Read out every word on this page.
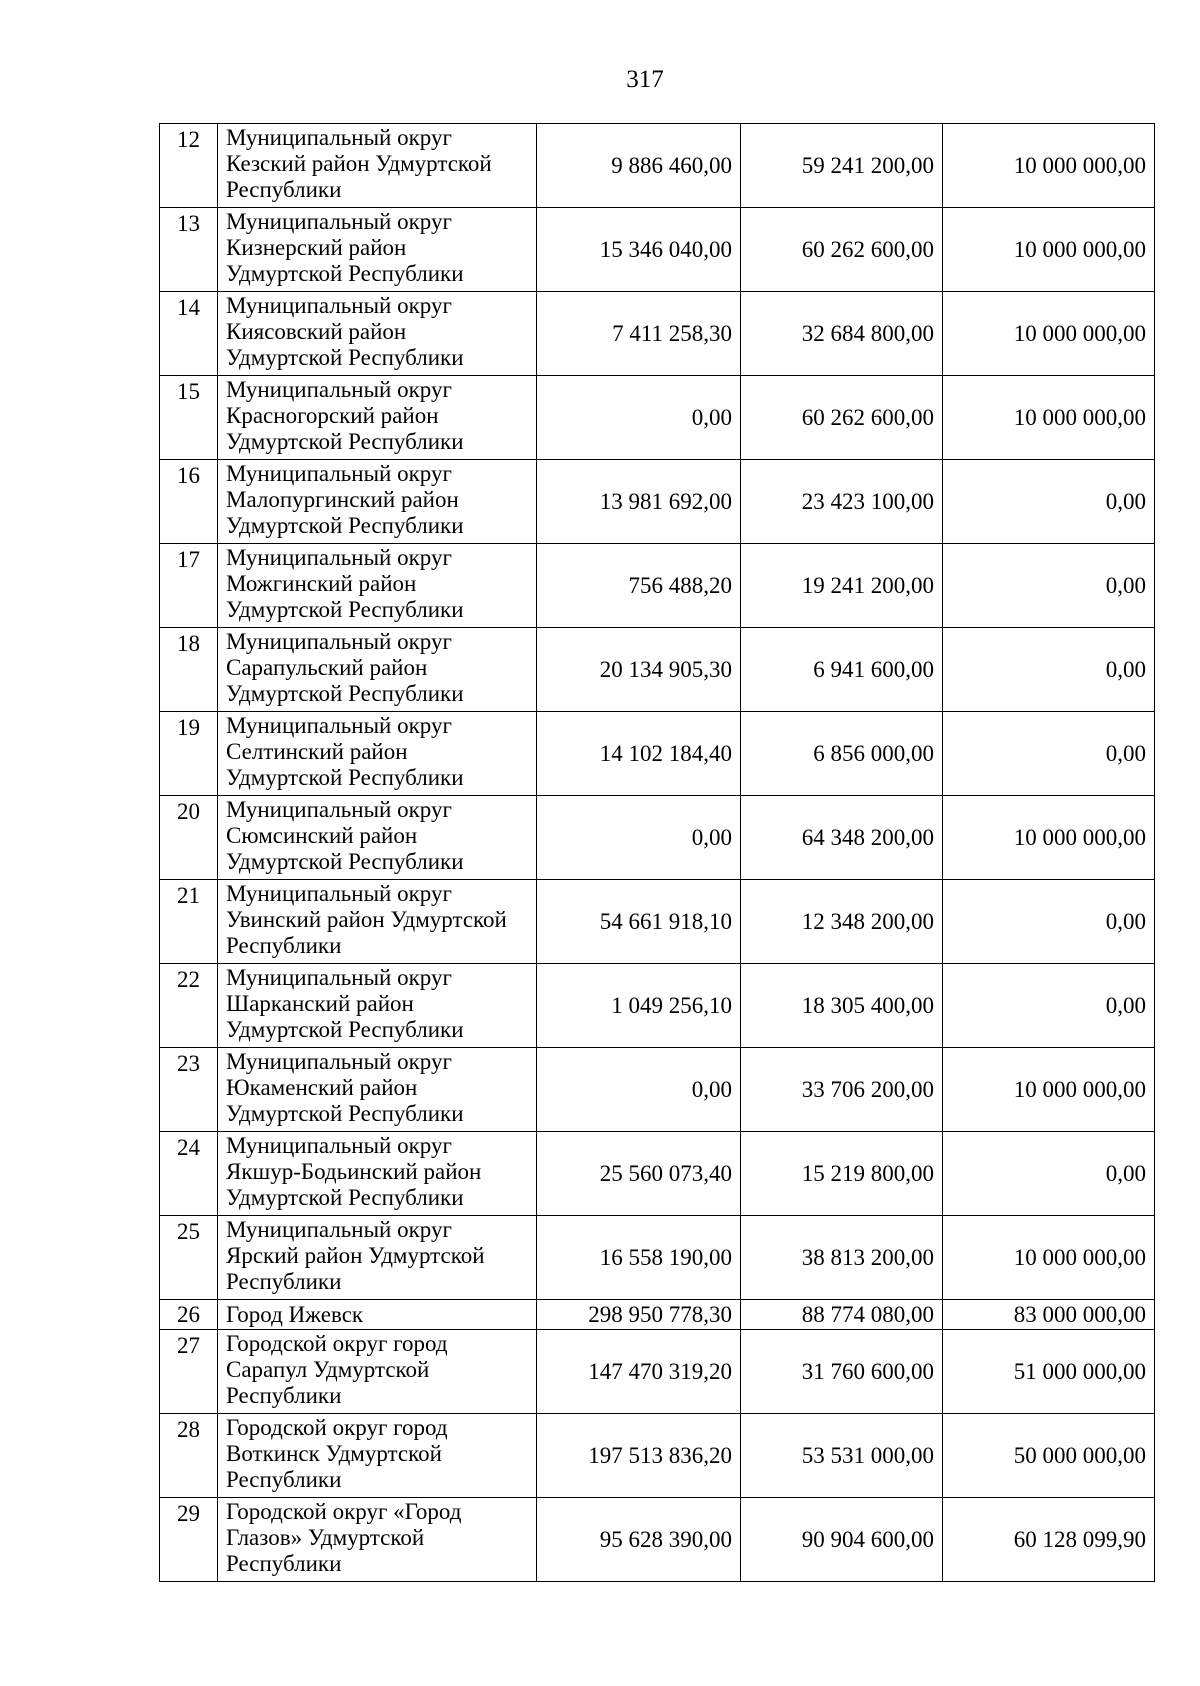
317
12	Муниципальный округ Кезский район Удмуртской Республики	9 886 460,00	59 241 200,00	10 000 000,00
13	Муниципальный округ Кизнерский район Удмуртской Республики	15 346 040,00	60 262 600,00	10 000 000,00
14	Муниципальный округ Киясовский район Удмуртской Республики	7 411 258,30	32 684 800,00	10 000 000,00
15	Муниципальный округ Красногорский район Удмуртской Республики	0,00	60 262 600,00	10 000 000,00
16	Муниципальный округ Малопургинский район Удмуртской Республики	13 981 692,00	23 423 100,00	0,00
17	Муниципальный округ Можгинский район Удмуртской Республики	756 488,20	19 241 200,00	0,00
18	Муниципальный округ Сарапульский район Удмуртской Республики	20 134 905,30	6 941 600,00	0,00
19	Муниципальный округ Селтинский район Удмуртской Республики	14 102 184,40	6 856 000,00	0,00
20	Муниципальный округ Сюмсинский район Удмуртской Республики	0,00	64 348 200,00	10 000 000,00
21	Муниципальный округ Увинский район Удмуртской Республики	54 661 918,10	12 348 200,00	0,00
22	Муниципальный округ Шарканский район Удмуртской Республики	1 049 256,10	18 305 400,00	0,00
23	Муниципальный округ Юкаменский район Удмуртской Республики	0,00	33 706 200,00	10 000 000,00
24	Муниципальный округ Якшур-Бодьинский район Удмуртской Республики	25 560 073,40	15 219 800,00	0,00
25	Муниципальный округ Ярский район Удмуртской Республики	16 558 190,00	38 813 200,00	10 000 000,00
26	Город Ижевск	298 950 778,30	88 774 080,00	83 000 000,00
27	Городской округ город Сарапул Удмуртской Республики	147 470 319,20	31 760 600,00	51 000 000,00
28	Городской округ город Воткинск Удмуртской Республики	197 513 836,20	53 531 000,00	50 000 000,00
29	Городской округ «Город Глазов» Удмуртской Республики	95 628 390,00	90 904 600,00	60 128 099,90
